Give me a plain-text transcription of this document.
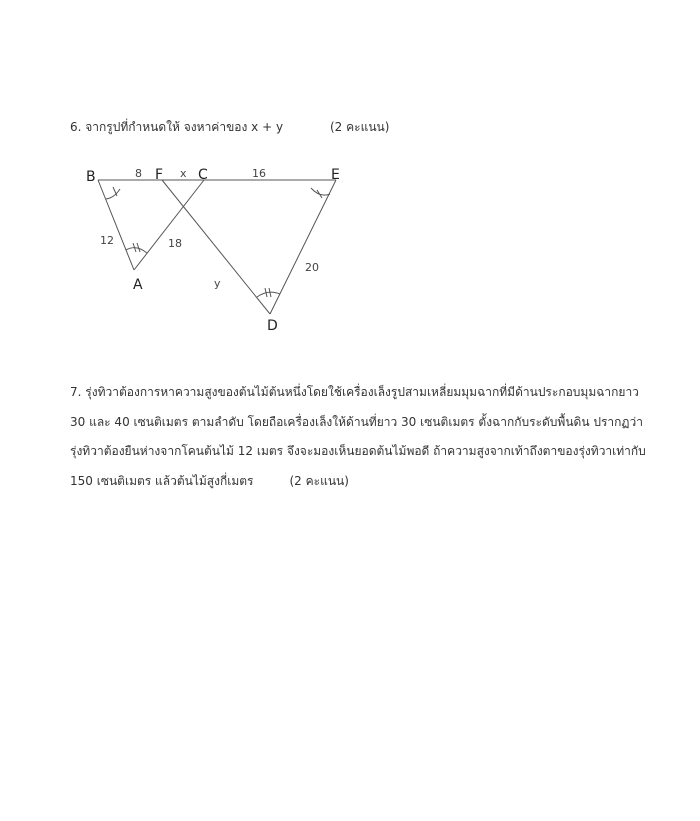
6. จากรูปที่กำหนดให้ จงหาค่าของ x + y	(2 คะแนน)
B	F C	E
A
D
8	x	16
12	18
20
y
7. รุ่งทิวาต้องการหาความสูงของต้นไม้ต้นหนึ่งโดยใช้เครื่องเล็งรูปสามเหลี่ยมมุมฉากที่มีด้านประกอบมุมฉากยาว
30 และ 40 เซนติเมตร ตามลำดับ โดยถือเครื่องเล็งให้ด้านที่ยาว 30 เซนติเมตร ตั้งฉากกับระดับพื้นดิน ปรากฏว่า
รุ่งทิวาต้องยืนห่างจากโคนต้นไม้ 12 เมตร จึงจะมองเห็นยอดต้นไม้พอดี ถ้าความสูงจากเท้าถึงตาของรุ่งทิวาเท่ากับ
150 เซนติเมตร แล้วต้นไม้สูงกี่เมตร	(2 คะแนน)
